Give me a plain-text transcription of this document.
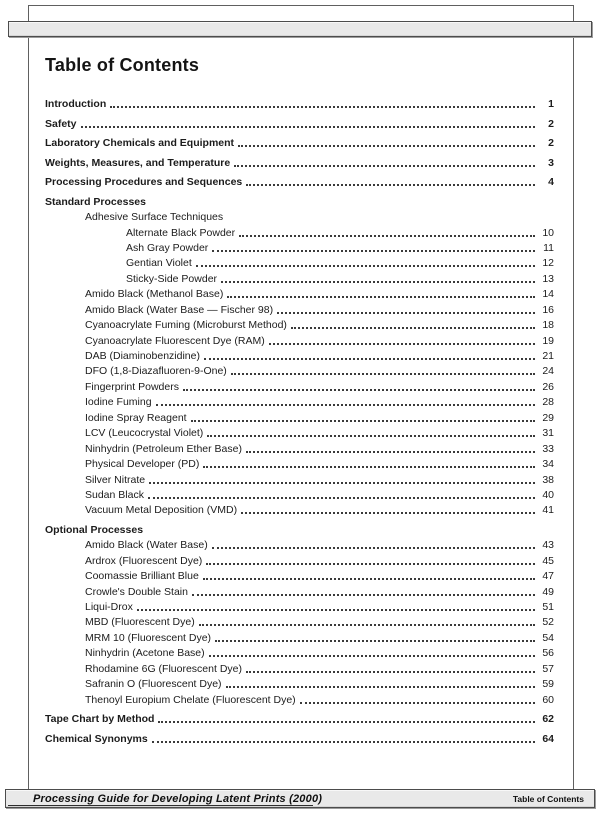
Table of Contents
Introduction	1
Safety	2
Laboratory Chemicals and Equipment	2
Weights, Measures, and Temperature	3
Processing Procedures and Sequences	4
Standard Processes
Adhesive Surface Techniques
Alternate Black Powder	10
Ash Gray Powder	11
Gentian Violet	12
Sticky-Side Powder	13
Amido Black (Methanol Base)	14
Amido Black (Water Base — Fischer 98)	16
Cyanoacrylate Fuming (Microburst Method)	18
Cyanoacrylate Fluorescent Dye (RAM)	19
DAB (Diaminobenzidine)	21
DFO (1,8-Diazafluoren-9-One)	24
Fingerprint Powders	26
Iodine Fuming	28
Iodine Spray Reagent	29
LCV (Leucocrystal Violet)	31
Ninhydrin (Petroleum Ether Base)	33
Physical Developer (PD)	34
Silver Nitrate	38
Sudan Black	40
Vacuum Metal Deposition (VMD)	41
Optional Processes
Amido Black (Water Base)	43
Ardrox (Fluorescent Dye)	45
Coomassie Brilliant Blue	47
Crowle's Double Stain	49
Liqui-Drox	51
MBD (Fluorescent Dye)	52
MRM 10 (Fluorescent Dye)	54
Ninhydrin (Acetone Base)	56
Rhodamine 6G (Fluorescent Dye)	57
Safranin O (Fluorescent Dye)	59
Thenoyl Europium Chelate (Fluorescent Dye)	60
Tape Chart by Method	62
Chemical Synonyms	64
Processing Guide for Developing Latent Prints (2000)	Table of Contents
